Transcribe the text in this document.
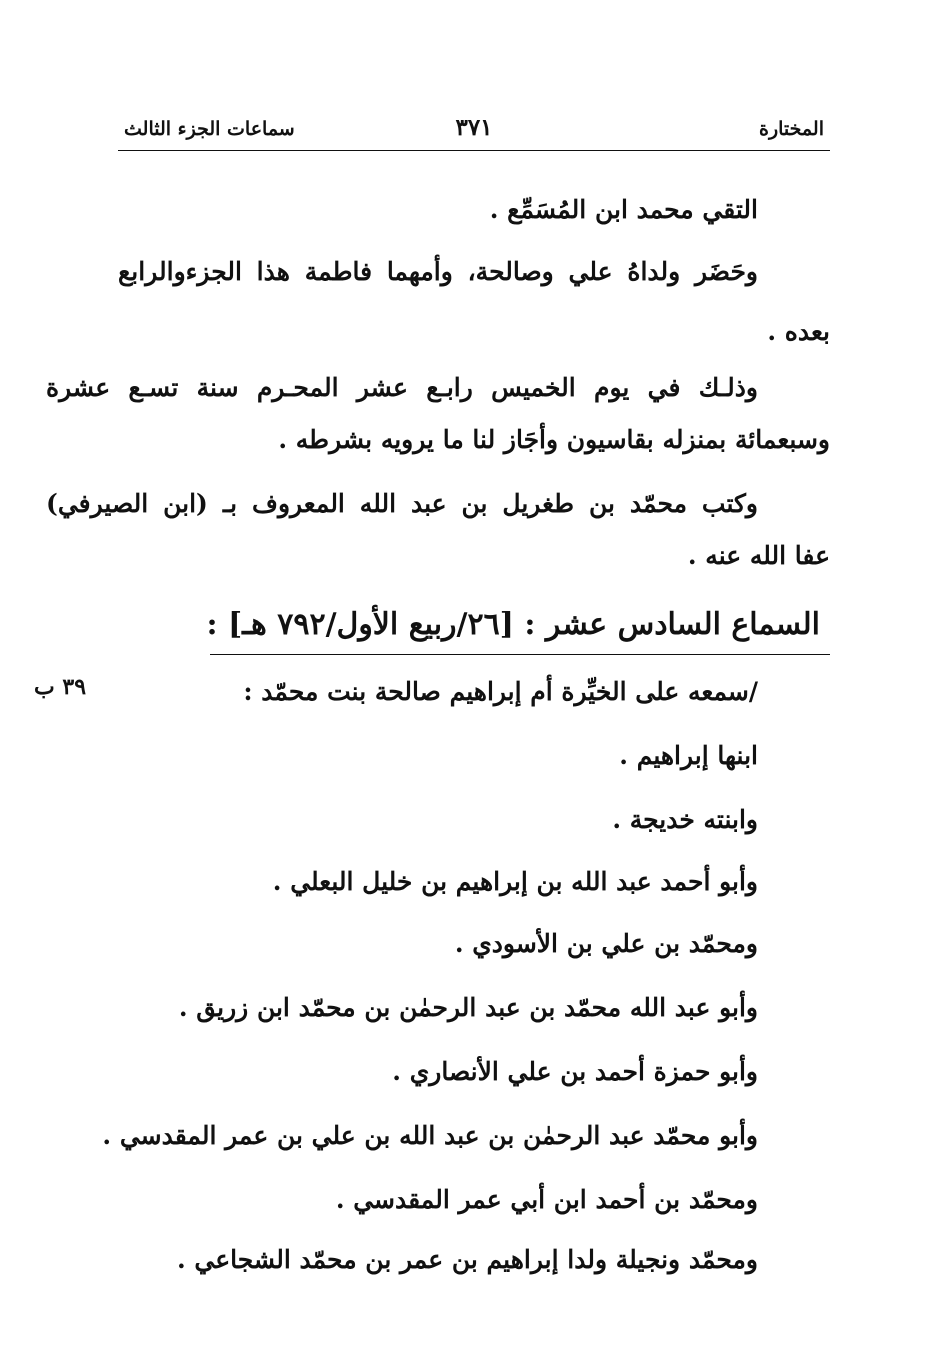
المختارة
٣٧١
سماعات الجزء الثالث
التقي محمد ابن المُسَمِّع .
وحَضَر ولداهُ علي وصالحة، وأمهما فاطمة هذا الجزءوالرابع
بعده .
وذلـك في يوم الخميس رابـع عشر المحـرم سنة تسـع عشرة
وسبعمائة بمنزله بقاسيون وأجَاز لنا ما يرويه بشرطه .
وكتب محمّد بن طغريل بن عبد الله المعروف بـ (ابن الصيرفي)
عفا الله عنه .
السماع السادس عشر : [٢٦/ربيع الأول/٧٩٢ هـ] :
٣٩ ب	/سمعه على الخيِّرة أم إبراهيم صالحة بنت محمّد :
ابنها إبراهيم .
وابنته خديجة .
وأبو أحمد عبد الله بن إبراهيم بن خليل البعلي .
ومحمّد بن علي بن الأسودي .
وأبو عبد الله محمّد بن عبد الرحمٰن بن محمّد ابن زريق .
وأبو حمزة أحمد بن علي الأنصاري .
وأبو محمّد عبد الرحمٰن بن عبد الله بن علي بن عمر المقدسي .
ومحمّد بن أحمد ابن أبي عمر المقدسي .
ومحمّد ونجيلة ولدا إبراهيم بن عمر بن محمّد الشجاعي .
